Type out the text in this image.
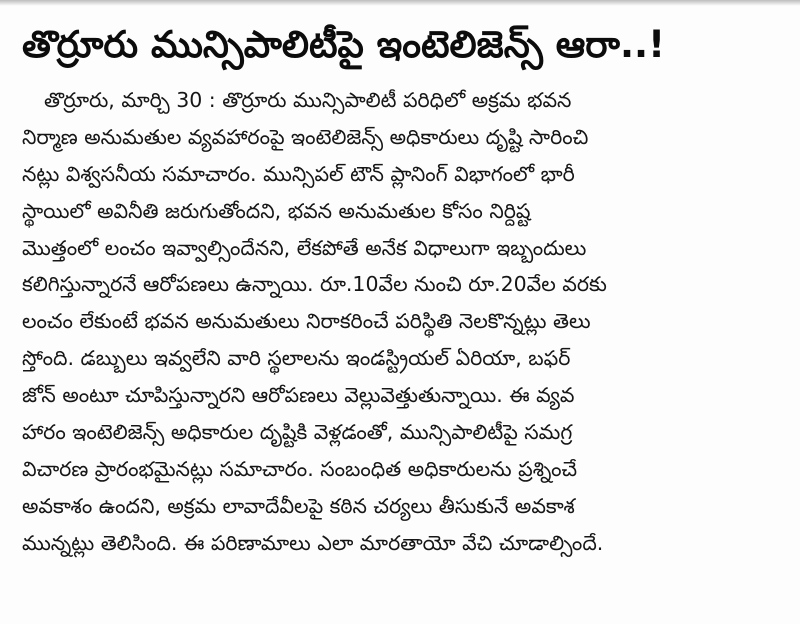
తొర్రూరు మున్సిపాలిటీపై ఇంటెలిజెన్స్‌ ఆరా..!
తొర్రూరు, మార్చి 30 : తొర్రూరు మున్సిపాలిటీ పరిధిలో అక్రమ భవన
నిర్మాణ అనుమతుల వ్యవహారంపై ఇంటెలిజెన్స్‌ అధికారులు దృష్టి సారించి
నట్లు విశ్వసనీయ సమాచారం. మున్సిపల్‌ టౌన్‌ ప్లానింగ్‌ విభాగంలో భారీ
స్థాయిలో అవినీతి జరుగుతోందని, భవన అనుమతుల కోసం నిర్దిష్ట
మొత్తంలో లంచం ఇవ్వాల్సిందేనని, లేకపోతే అనేక విధాలుగా ఇబ్బందులు
కలిగిస్తున్నారనే ఆరోపణలు ఉన్నాయి. రూ.10వేల నుంచి రూ.20వేల వరకు
లంచం లేకుంటే భవన అనుమతులు నిరాకరించే పరిస్థితి నెలకొన్నట్లు తెలు
స్తోంది. డబ్బులు ఇవ్వలేని వారి స్థలాలను ఇండస్ట్రియల్‌ ఏరియా, బఫర్‌
జోన్‌ అంటూ చూపిస్తున్నారని ఆరోపణలు వెల్లువెత్తుతున్నాయి. ఈ వ్యవ
హారం ఇంటెలిజెన్స్‌ అధికారుల దృష్టికి వెళ్లడంతో, మున్సిపాలిటీపై సమగ్ర
విచారణ ప్రారంభమైనట్లు సమాచారం. సంబంధిత అధికారులను ప్రశ్నించే
అవకాశం ఉందని, అక్రమ లావాదేవీలపై కఠిన చర్యలు తీసుకునే అవకాశ
మున్నట్లు తెలిసింది. ఈ పరిణామాలు ఎలా మారతాయో వేచి చూడాల్సిందే.
